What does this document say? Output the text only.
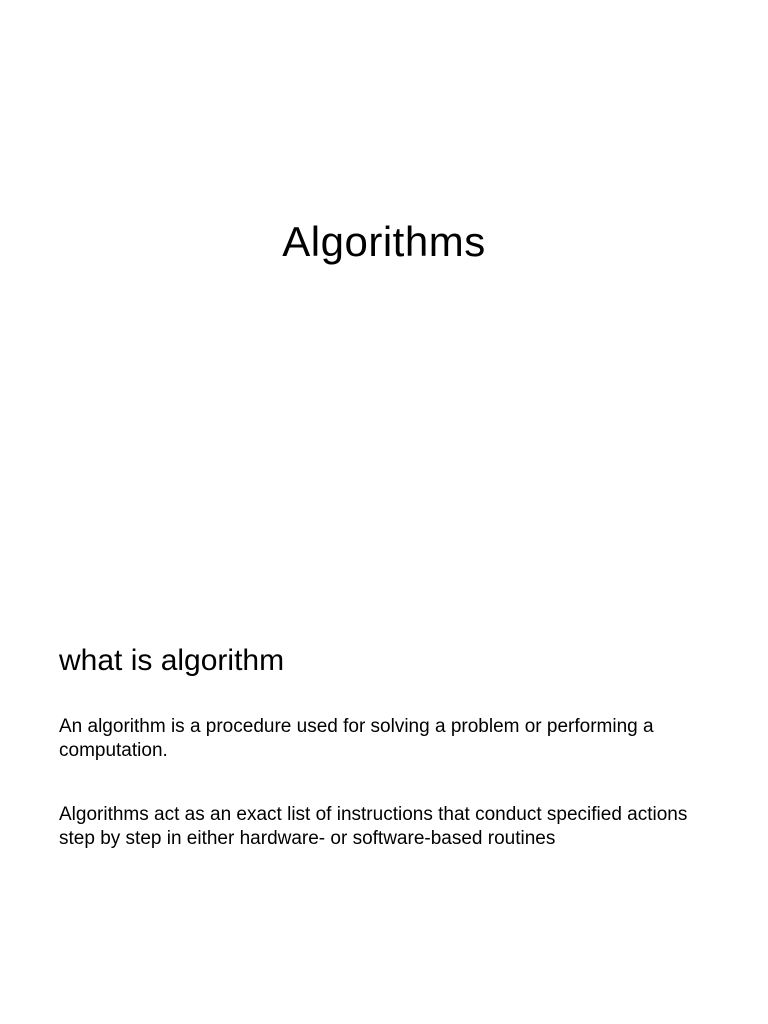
Algorithms
what is algorithm

An algorithm is a procedure used for solving a problem or performing a computation.

Algorithms act as an exact list of instructions that conduct specified actions step by step in either hardware- or software-based routines
